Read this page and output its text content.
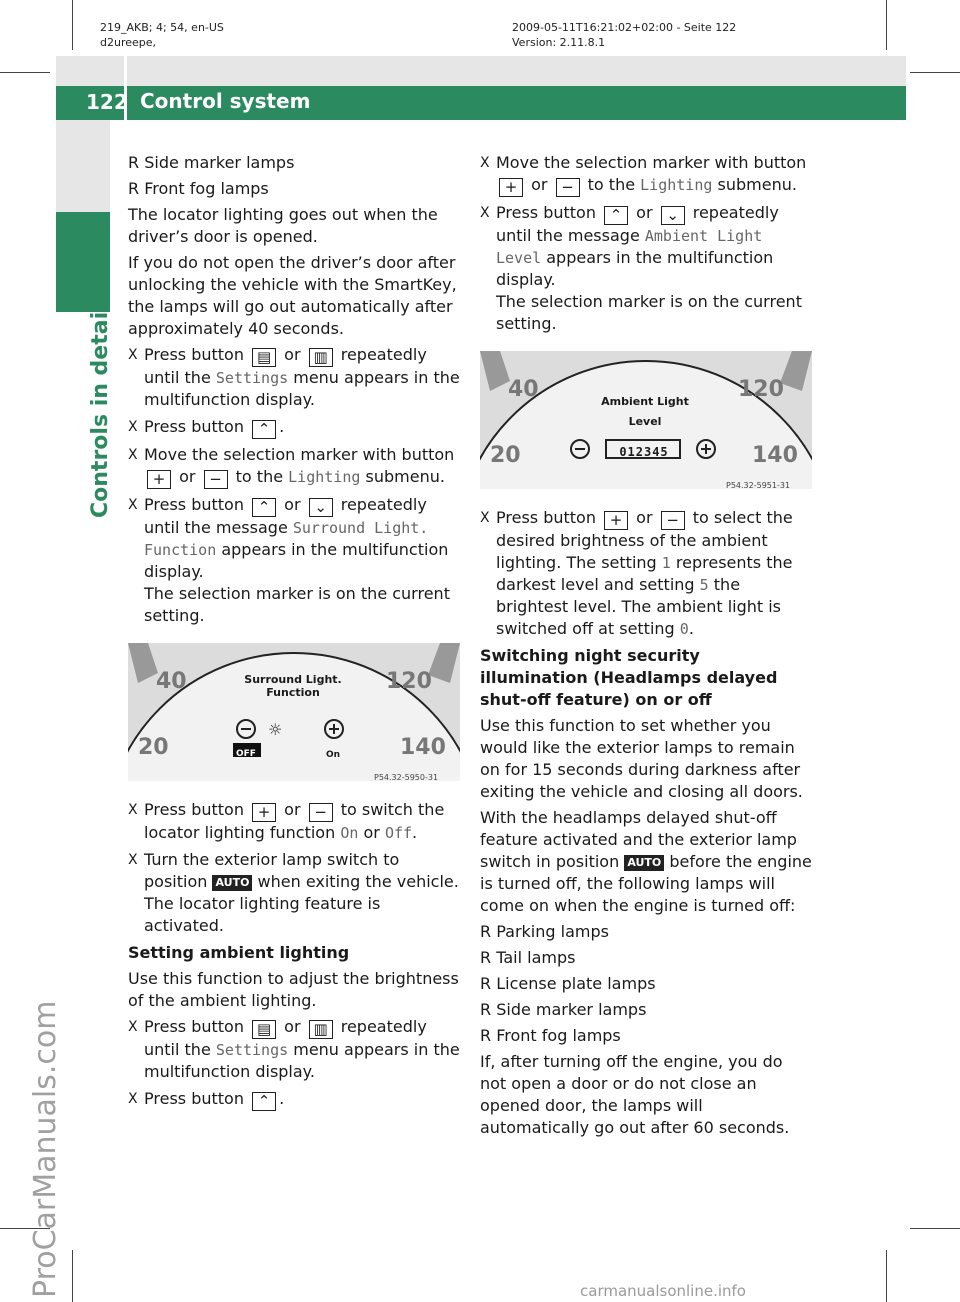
219_AKB; 4; 54, en-US
d2ureepe,
2009-05-11T16:21:02+02:00 - Seite 122
Version: 2.11.8.1
122 Control system
Controls in detail
ProCarManuals.com

R Side marker lamps

R Front fog lamps

The locator lighting goes out when the driver’s door is opened.

If you do not open the driver’s door after unlocking the vehicle with the SmartKey, the lamps will go out automatically after approximately 40 seconds.

X Press button ▤ or ▥ repeatedly until the Settings menu appears in the multifunction display.
X Press button ⌃ .
X Move the selection marker with button + or − to the Lighting submenu.
X Press button ⌃ or ⌄ repeatedly until the message Surround Light. Function appears in the multifunction display.
The selection marker is on the current setting.
40
20
120
140
Surround Light.
Function
☼
OFF	On
P54.32-5950-31
X Press button + or − to switch the locator lighting function On or Off.
X Turn the exterior lamp switch to position AUTO when exiting the vehicle.
The locator lighting feature is activated.

Setting ambient lighting

Use this function to adjust the brightness of the ambient lighting.

X Press button ▤ or ▥ repeatedly until the Settings menu appears in the multifunction display.
X Press button ⌃ .
X Move the selection marker with button + or − to the Lighting submenu.
X Press button ⌃ or ⌄ repeatedly until the message Ambient Light Level appears in the multifunction display.
The selection marker is on the current setting.
40
20
120
140
Ambient Light
Level
012345
P54.32-5951-31
X Press button + or − to select the desired brightness of the ambient lighting. The setting 1 represents the darkest level and setting 5 the brightest level. The ambient light is switched off at setting 0.

Switching night security illumination (Headlamps delayed shut-off feature) on or off

Use this function to set whether you would like the exterior lamps to remain on for 15 seconds during darkness after exiting the vehicle and closing all doors.

With the headlamps delayed shut-off feature activated and the exterior lamp switch in position AUTO before the engine is turned off, the following lamps will come on when the engine is turned off:

R Parking lamps

R Tail lamps

R License plate lamps

R Side marker lamps

R Front fog lamps

If, after turning off the engine, you do not open a door or do not close an opened door, the lamps will automatically go out after 60 seconds.

carmanualsonline.info
